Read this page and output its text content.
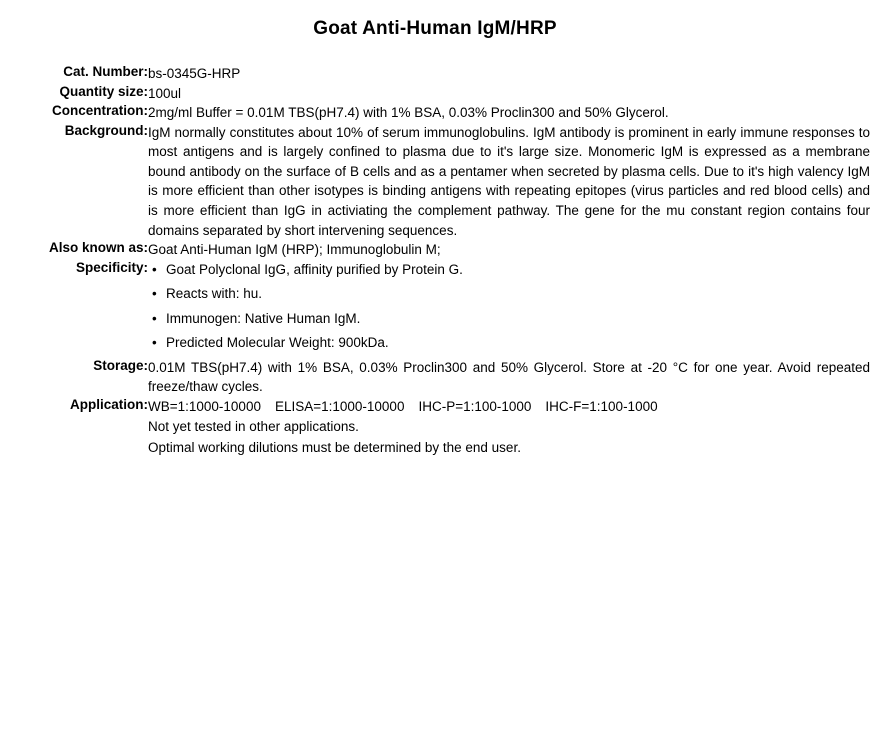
Goat Anti-Human IgM/HRP
Cat. Number:	bs-0345G-HRP
Quantity size:	100ul
Concentration:	2mg/ml Buffer = 0.01M TBS(pH7.4) with 1% BSA, 0.03% Proclin300 and 50% Glycerol.
Background:	IgM normally constitutes about 10% of serum immunoglobulins. IgM antibody is prominent in early immune responses to most antigens and is largely confined to plasma due to it's large size. Monomeric IgM is expressed as a membrane bound antibody on the surface of B cells and as a pentamer when secreted by plasma cells. Due to it's high valency IgM is more efficient than other isotypes is binding antigens with repeating epitopes (virus particles and red blood cells) and is more efficient than IgG in activiating the complement pathway. The gene for the mu constant region contains four domains separated by short intervening sequences.
Also known as:	Goat Anti-Human IgM (HRP); Immunoglobulin M;
Specificity:	
•Goat Polyclonal IgG, affinity purified by Protein G.
• Reacts with: hu.
• Immunogen: Native Human IgM.
• Predicted Molecular Weight: 900kDa.

Storage:	0.01M TBS(pH7.4) with 1% BSA, 0.03% Proclin300 and 50% Glycerol. Store at -20 °C for one year. Avoid repeated freeze/thaw cycles.
Application:	WB=1:1000-10000 ELISA=1:1000-10000 IHC-P=1:100-1000 IHC-F=1:100-1000
Not yet tested in other applications.
Optimal working dilutions must be determined by the end user.
